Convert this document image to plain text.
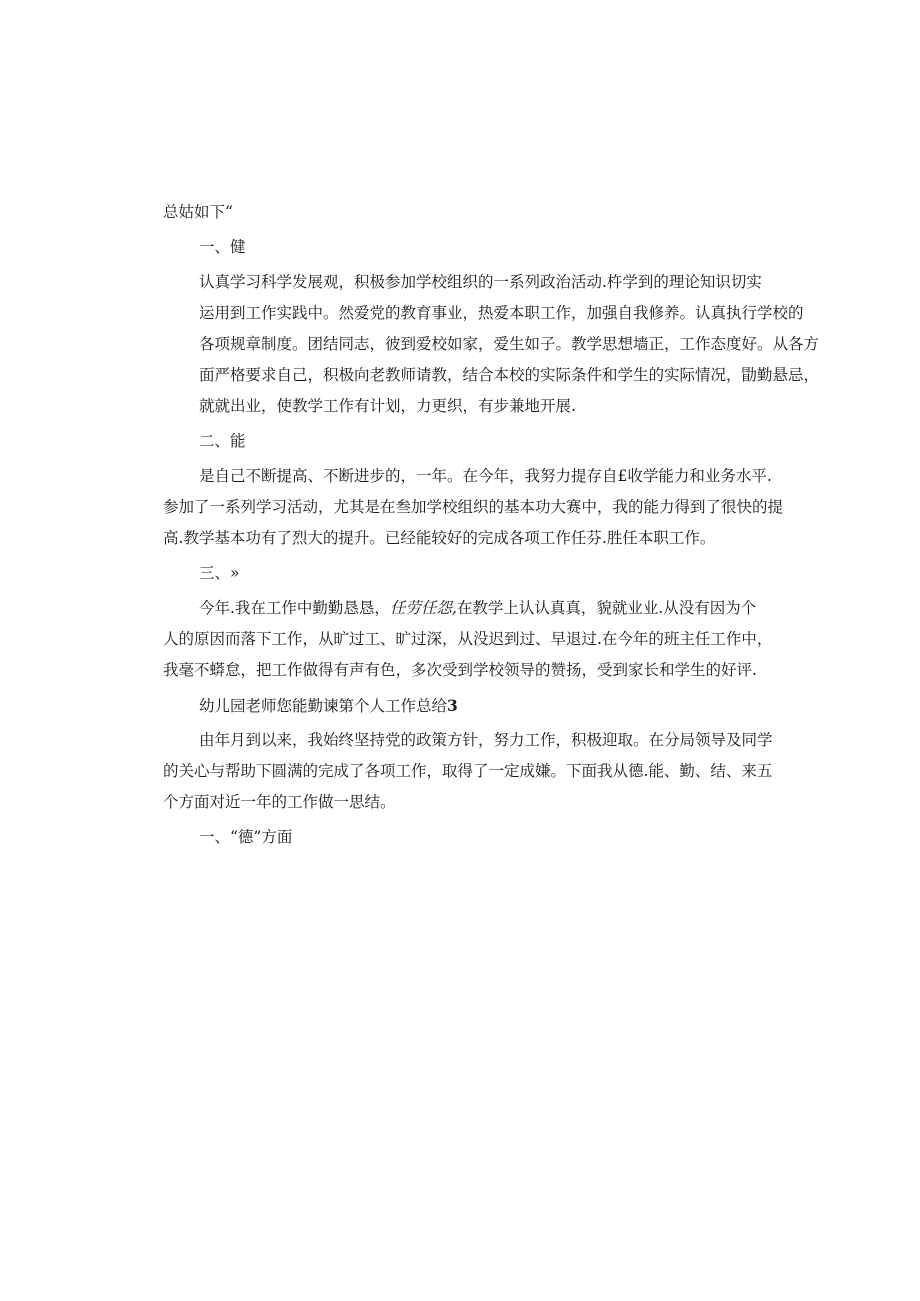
总姑如下“

一、健

认真学习科学发展观，积极参加学校组织的一系列政治活动.杵学到的理论知识切实

运用到工作实践中。然爱党的教育事业，热爱本职工作，加强自我修养。认真执行学校的

各项规章制度。团结同志，彼到爱校如家，爱生如子。教学思想墙正，工作态度好。从各方

面严格要求自己，积极向老教师请教，结合本校的实际条件和学生的实际情况，勖勤悬忌，

就就出业，使教学工作有计划，力更织，有步兼地开展.

二、能

是自己不断提高、不断进步的，一年。在今年，我努力提存自£收学能力和业务水平.

参加了一系列学习活动，尤其是在叁加学校组织的基本功大赛中，我的能力得到了很快的提

高.教学基本功有了烈大的提升。已经能较好的完成各项工作任芬.胜任本职工作。

三、»

今年.我在工作中勤勤恳恳，任劳任怨,在教学上认认真真，貌就业业.从没有因为个

人的原因而落下工作，从旷过工、旷过深，从没迟到过、早退过.在今年的班主任工作中，

我毫不蟒怠，把工作做得有声有色，多次受到学校领导的赞扬，受到家长和学生的好评.

幼儿园老师您能勤谏第个人工作总给3

由年月到以来，我始终坚持党的政策方针，努力工作，积极迎取。在分局领导及同学

的关心与帮助下圆满的完成了各项工作，取得了一定成嫌。下面我从德.能、勤、结、来五

个方面对近一年的工作做一思结。

一、“德”方面
